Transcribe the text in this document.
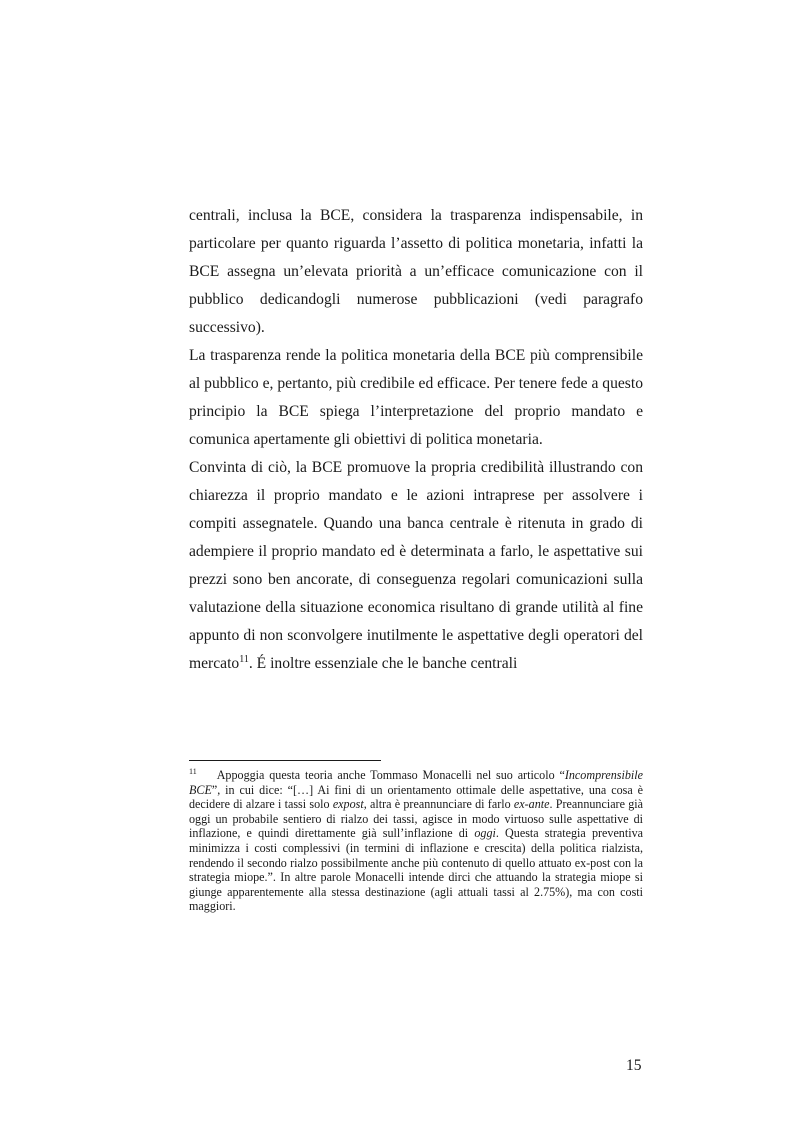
centrali, inclusa la BCE, considera la trasparenza indispensabile, in particolare per quanto riguarda l’assetto di politica monetaria, infatti la BCE assegna un’elevata priorità a un’efficace comunicazione con il pubblico dedicandogli numerose pubblicazioni (vedi paragrafo successivo).

La trasparenza rende la politica monetaria della BCE più comprensibile al pubblico e, pertanto, più credibile ed efficace. Per tenere fede a questo principio la BCE spiega l’interpretazione del proprio mandato e comunica apertamente gli obiettivi di politica monetaria.

Convinta di ciò, la BCE promuove la propria credibilità illustrando con chiarezza il proprio mandato e le azioni intraprese per assolvere i compiti assegnatele. Quando una banca centrale è ritenuta in grado di adempiere il proprio mandato ed è determinata a farlo, le aspettative sui prezzi sono ben ancorate, di conseguenza regolari comunicazioni sulla valutazione della situazione economica risultano di grande utilità al fine appunto di non sconvolgere inutilmente le aspettative degli operatori del mercato$^{11}$. É inoltre essenziale che le banche centrali

$^{11}$ Appoggia questa teoria anche Tommaso Monacelli nel suo articolo “Incomprensibile BCE”, in cui dice: “[…] Ai fini di un orientamento ottimale delle aspettative, una cosa è decidere di alzare i tassi solo expost, altra è preannunciare di farlo ex-ante. Preannunciare già oggi un probabile sentiero di rialzo dei tassi, agisce in modo virtuoso sulle aspettative di inflazione, e quindi direttamente già sull’inflazione di oggi. Questa strategia preventiva minimizza i costi complessivi (in termini di inflazione e crescita) della politica rialzista, rendendo il secondo rialzo possibilmente anche più contenuto di quello attuato ex-post con la strategia miope.”. In altre parole Monacelli intende dirci che attuando la strategia miope si giunge apparentemente alla stessa destinazione (agli attuali tassi al 2.75%), ma con costi maggiori.
15
